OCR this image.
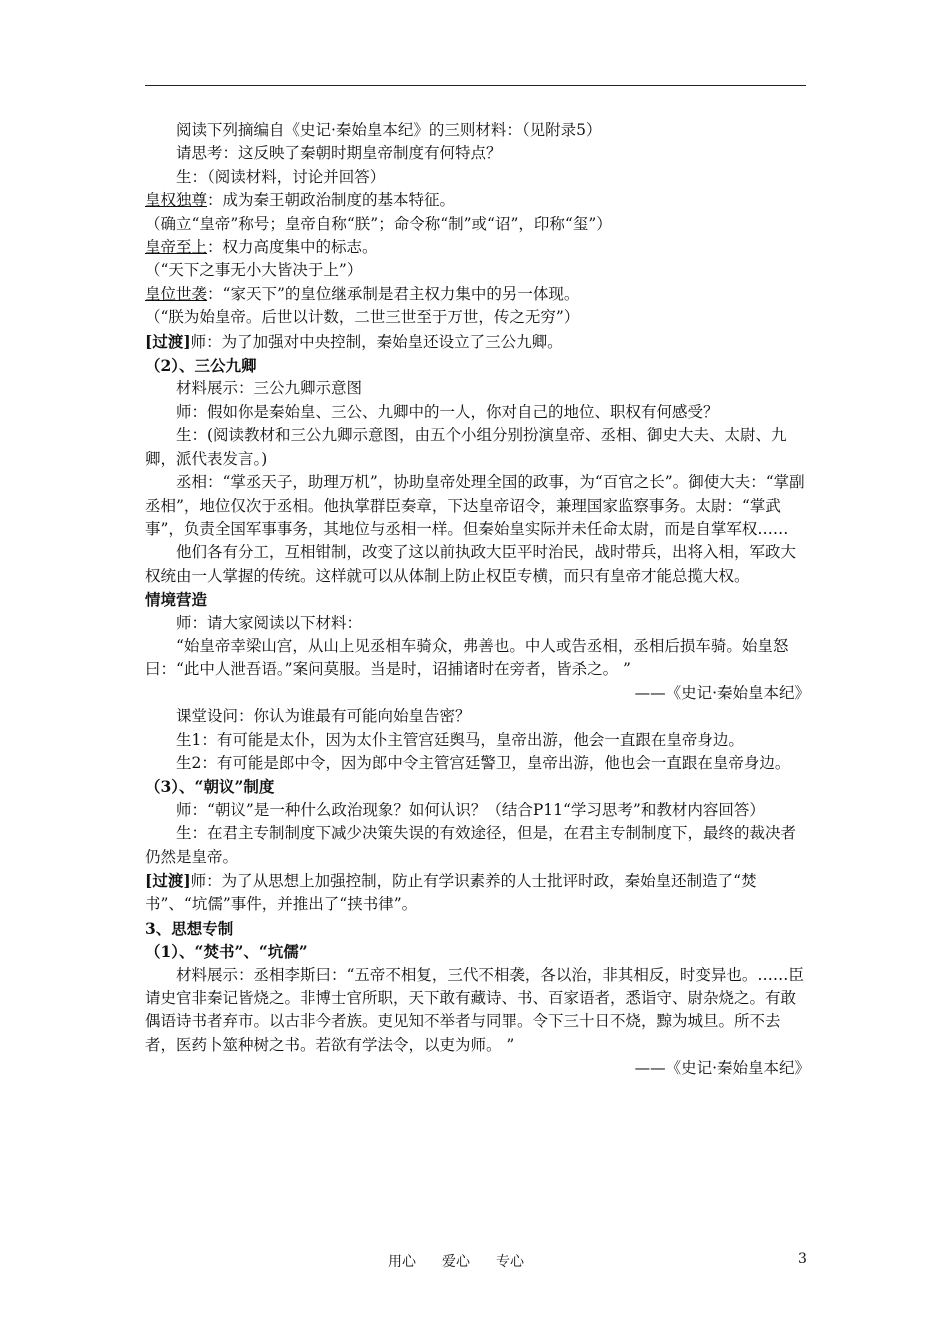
阅读下列摘编自《史记·秦始皇本纪》的三则材料：（见附录5）

请思考：这反映了秦朝时期皇帝制度有何特点？

生：（阅读材料，讨论并回答）

皇权独尊：成为秦王朝政治制度的基本特征。

（确立“皇帝”称号；皇帝自称“朕”；命令称“制”或“诏”，印称“玺”）

皇帝至上：权力高度集中的标志。

（“天下之事无小大皆决于上”）

皇位世袭：“家天下”的皇位继承制是君主权力集中的另一体现。

（“朕为始皇帝。后世以计数，二世三世至于万世，传之无穷”）

[过渡]师：为了加强对中央控制，秦始皇还设立了三公九卿。

（2）、三公九卿

材料展示：三公九卿示意图

师：假如你是秦始皇、三公、九卿中的一人，你对自己的地位、职权有何感受？

生：(阅读教材和三公九卿示意图，由五个小组分别扮演皇帝、丞相、御史大夫、太尉、九卿，派代表发言。)

丞相：“掌丞天子，助理万机”，协助皇帝处理全国的政事，为“百官之长”。御使大夫：“掌副丞相”，地位仅次于丞相。他执掌群臣奏章，下达皇帝诏令，兼理国家监察事务。太尉：“掌武事”，负责全国军事事务，其地位与丞相一样。但秦始皇实际并未任命太尉，而是自掌军权……

他们各有分工，互相钳制，改变了这以前执政大臣平时治民，战时带兵，出将入相，军政大权统由一人掌握的传统。这样就可以从体制上防止权臣专横，而只有皇帝才能总揽大权。

情境营造

师：请大家阅读以下材料：

“始皇帝幸梁山宫，从山上见丞相车骑众，弗善也。中人或告丞相，丞相后损车骑。始皇怒曰：“此中人泄吾语。”案问莫服。当是时，诏捕诸时在旁者，皆杀之。 ”

——《史记·秦始皇本纪》

课堂设问：你认为谁最有可能向始皇告密？

生1：有可能是太仆，因为太仆主管宫廷舆马，皇帝出游，他会一直跟在皇帝身边。

生2：有可能是郎中令，因为郎中令主管宫廷警卫，皇帝出游，他也会一直跟在皇帝身边。

（3）、“朝议”制度

师：“朝议”是一种什么政治现象？如何认识？（结合P11“学习思考”和教材内容回答）

生：在君主专制制度下减少决策失误的有效途径，但是，在君主专制制度下，最终的裁决者仍然是皇帝。

[过渡]师：为了从思想上加强控制，防止有学识素养的人士批评时政，秦始皇还制造了“焚书”、“坑儒”事件，并推出了“挟书律”。

3、思想专制

（1）、“焚书”、“坑儒”

材料展示：丞相李斯曰：“五帝不相复，三代不相袭，各以治，非其相反，时变异也。……臣请史官非秦记皆烧之。非博士官所职，天下敢有藏诗、书、百家语者，悉诣守、尉杂烧之。有敢偶语诗书者弃市。以古非今者族。吏见知不举者与同罪。令下三十日不烧，黥为城旦。所不去者，医药卜筮种树之书。若欲有学法令，以吏为师。 ”

——《史记·秦始皇本纪》

用心 爱心 专心	3
